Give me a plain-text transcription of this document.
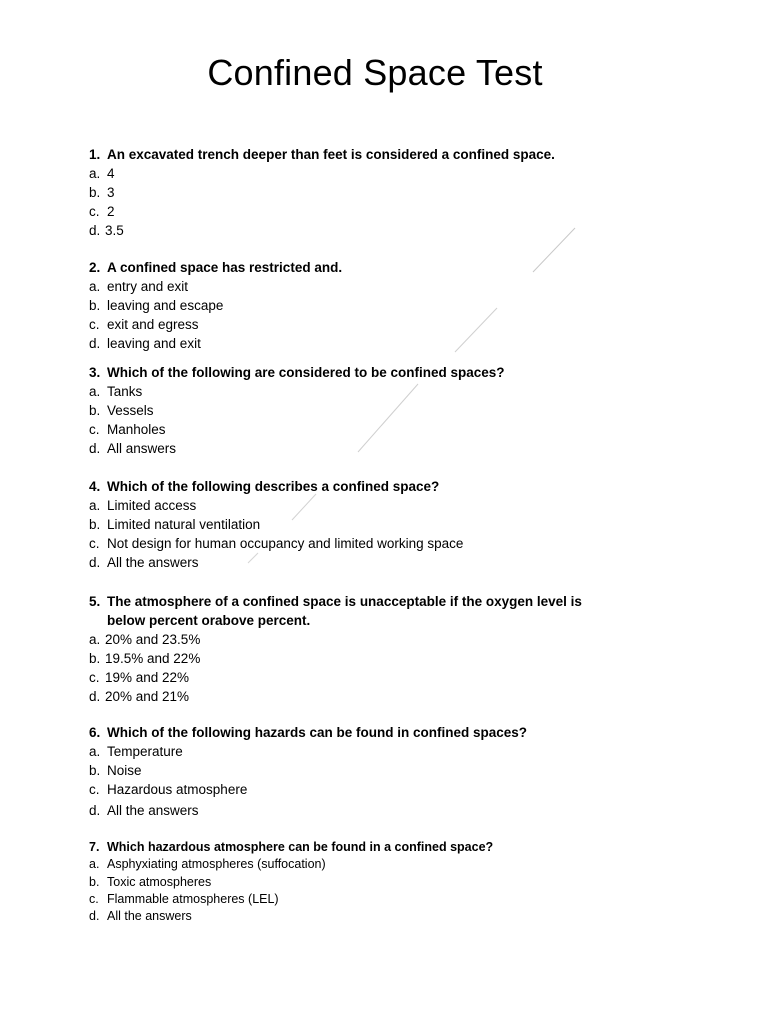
Confined Space Test
1. An excavated trench deeper than feet is considered a confined space.
a. 4
b. 3
c. 2
d. 3.5
2. A confined space has restricted and.
a. entry and exit
b. leaving and escape
c. exit and egress
d. leaving and exit
3. Which of the following are considered to be confined spaces?
a. Tanks
b. Vessels
c. Manholes
d. All answers
4. Which of the following describes a confined space?
a. Limited access
b. Limited natural ventilation
c. Not design for human occupancy and limited working space
d. All the answers
5. The atmosphere of a confined space is unacceptable if the oxygen level is
below percent orabove percent.
a. 20% and 23.5%
b. 19.5% and 22%
c. 19% and 22%
d. 20% and 21%
6. Which of the following hazards can be found in confined spaces?
a. Temperature
b. Noise
c. Hazardous atmosphere
d. All the answers
7. Which hazardous atmosphere can be found in a confined space?
a. Asphyxiating atmospheres (suffocation)
b. Toxic atmospheres
c. Flammable atmospheres (LEL)
d. All the answers
